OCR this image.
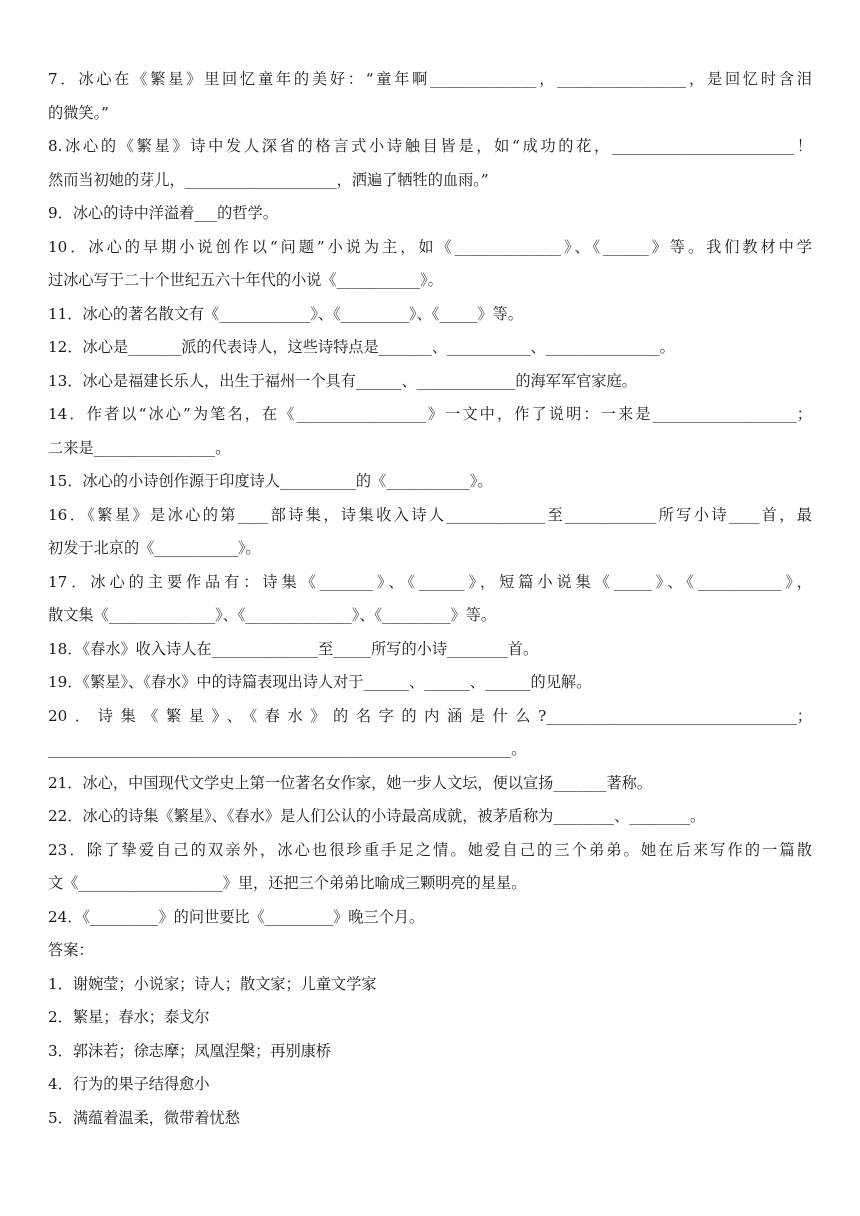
7．冰心在《繁星》里回忆童年的美好：“童年啊______________，_________________，是回忆时含泪
的微笑。”
8.冰心的《繁星》诗中发人深省的格言式小诗触目皆是，如“成功的花，________________________！
然而当初她的芽儿，____________________，洒遍了牺牲的血雨。”
9．冰心的诗中洋溢着___的哲学。
10．冰心的早期小说创作以“问题”小说为主，如《______________》、《______》等。我们教材中学
过冰心写于二十个世纪五六十年代的小说《___________》。
11．冰心的著名散文有《____________》、《_________》、《_____》等。
12．冰心是_______派的代表诗人，这些诗特点是_______、___________、_______________。
13．冰心是福建长乐人，出生于福州一个具有______、_____________的海军军官家庭。
14．作者以“冰心”为笔名，在《_________________》一文中，作了说明：一来是___________________；
二来是________________。
15．冰心的小诗创作源于印度诗人__________的《___________》。
16．《繁星》是冰心的第____部诗集，诗集收入诗人_____________至____________所写小诗____首，最
初发于北京的《___________》。
17．冰心的主要作品有：诗集《_______》、《______》，短篇小说集《_____》、《___________》，
散文集《______________》、《______________》、《_________》等。
18．《春水》收入诗人在______________至_____所写的小诗________首。
19．《繁星》、《春水》中的诗篇表现出诗人对于______、______、______的见解。
20．诗集《繁星》、《春水》的名字的内涵是什么?_________________________________；
_____________________________________________________________。
21．冰心，中国现代文学史上第一位著名女作家，她一步人文坛，便以宣扬_______著称。
22．冰心的诗集《繁星》、《春水》是人们公认的小诗最高成就，被茅盾称为________、________。
23．除了挚爱自己的双亲外，冰心也很珍重手足之情。她爱自己的三个弟弟。她在后来写作的一篇散
文《___________________》里，还把三个弟弟比喻成三颗明亮的星星。
24．《_________》的问世要比《_________》晚三个月。
答案：
1．谢婉莹；小说家；诗人；散文家；儿童文学家
2．繁星；春水；泰戈尔
3．郭沫若；徐志摩；凤凰涅槃；再别康桥
4．行为的果子结得愈小
5．满蕴着温柔，微带着忧愁
